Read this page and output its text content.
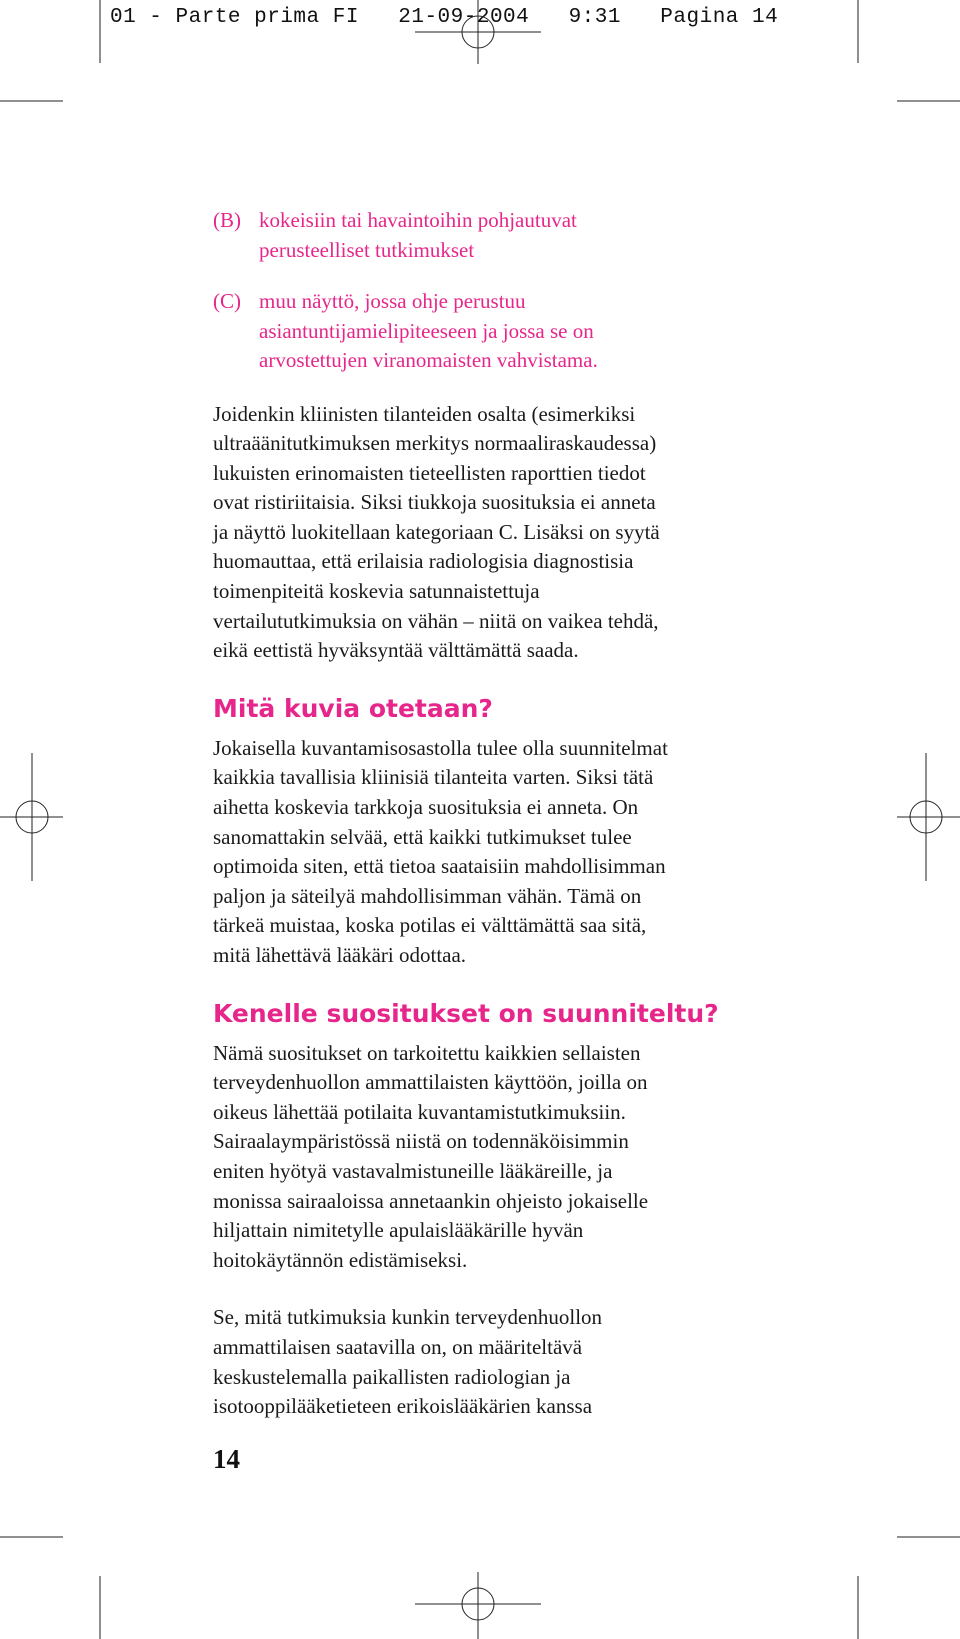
01 - Parte prima FI   21-09-2004   9:31   Pagina 14
(B) kokeisiin tai havaintoihin pohjautuvat
perusteelliset tutkimukset
(C) muu näyttö, jossa ohje perustuu
asiantuntijamielipiteeseen ja jossa se on
arvostettujen viranomaisten vahvistama.

Joidenkin kliinisten tilanteiden osalta (esimerkiksi
ultraäänitutkimuksen merkitys normaaliraskaudessa)
lukuisten erinomaisten tieteellisten raporttien tiedot
ovat ristiriitaisia. Siksi tiukkoja suosituksia ei anneta
ja näyttö luokitellaan kategoriaan C. Lisäksi on syytä
huomauttaa, että erilaisia radiologisia diagnostisia
toimenpiteitä koskevia satunnaistettuja
vertailututkimuksia on vähän – niitä on vaikea tehdä,
eikä eettistä hyväksyntää välttämättä saada.

Mitä kuvia otetaan?

Jokaisella kuvantamisosastolla tulee olla suunnitelmat
kaikkia tavallisia kliinisiä tilanteita varten. Siksi tätä
aihetta koskevia tarkkoja suosituksia ei anneta. On
sanomattakin selvää, että kaikki tutkimukset tulee
optimoida siten, että tietoa saataisiin mahdollisimman
paljon ja säteilyä mahdollisimman vähän. Tämä on
tärkeä muistaa, koska potilas ei välttämättä saa sitä,
mitä lähettävä lääkäri odottaa.

Kenelle suositukset on suunniteltu?

Nämä suositukset on tarkoitettu kaikkien sellaisten
terveydenhuollon ammattilaisten käyttöön, joilla on
oikeus lähettää potilaita kuvantamistutkimuksiin.
Sairaalaympäristössä niistä on todennäköisimmin
eniten hyötyä vastavalmistuneille lääkäreille, ja
monissa sairaaloissa annetaankin ohjeisto jokaiselle
hiljattain nimitetylle apulaislääkärille hyvän
hoitokäytännön edistämiseksi.

Se, mitä tutkimuksia kunkin terveydenhuollon
ammattilaisen saatavilla on, on määriteltävä
keskustelemalla paikallisten radiologian ja
isotooppilääketieteen erikoislääkärien kanssa

14
